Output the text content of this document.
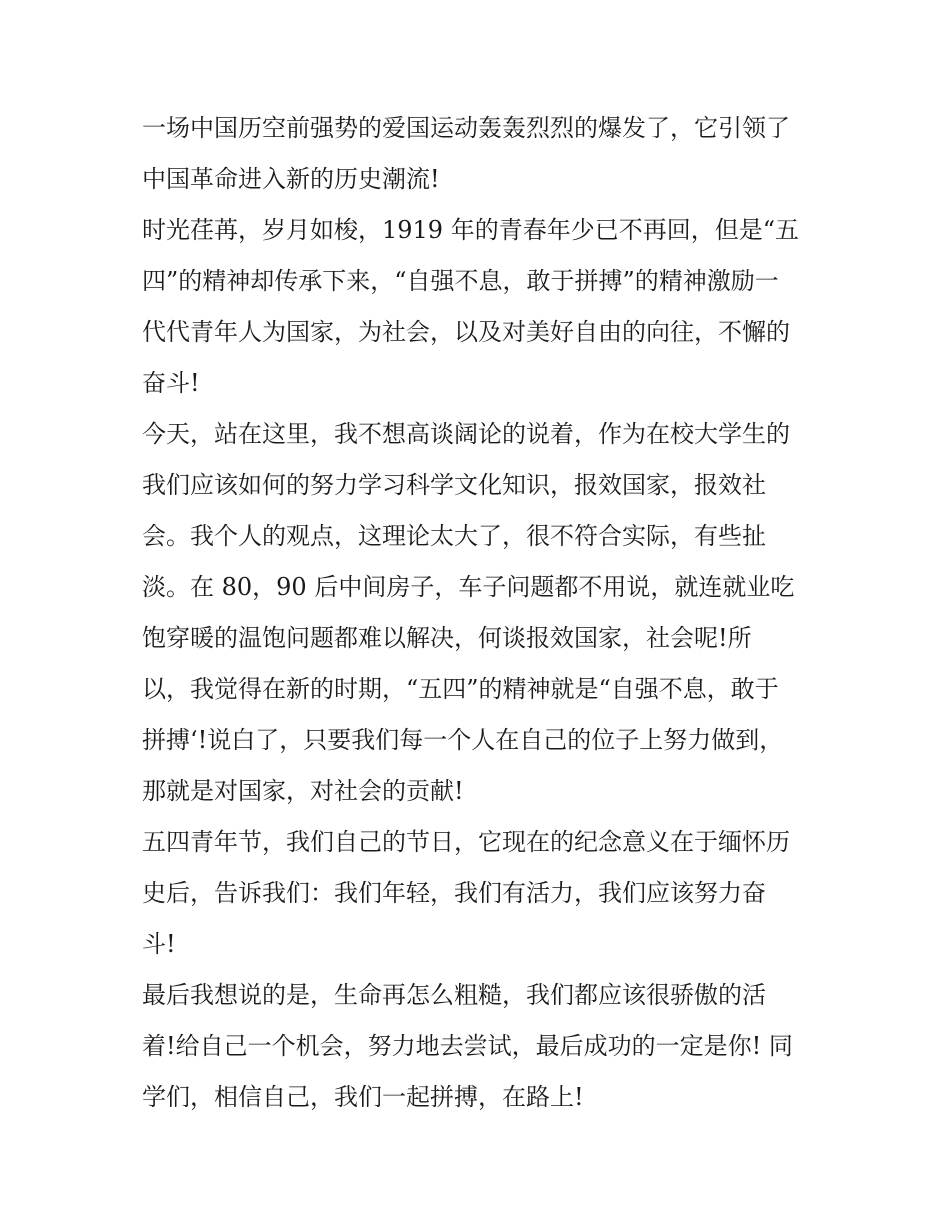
一场中国历空前强势的爱国运动轰轰烈烈的爆发了，它引领了
中国革命进入新的历史潮流!
时光荏苒，岁月如梭，1919 年的青春年少已不再回，但是“五
四”的精神却传承下来，“自强不息，敢于拼搏”的精神激励一
代代青年人为国家，为社会，以及对美好自由的向往，不懈的
奋斗!
今天，站在这里，我不想高谈阔论的说着，作为在校大学生的
我们应该如何的努力学习科学文化知识，报效国家，报效社
会。我个人的观点，这理论太大了，很不符合实际，有些扯
淡。在 80，90 后中间房子，车子问题都不用说，就连就业吃
饱穿暖的温饱问题都难以解决，何谈报效国家，社会呢!所
以，我觉得在新的时期，“五四”的精神就是“自强不息，敢于
拼搏‘!说白了，只要我们每一个人在自己的位子上努力做到，
那就是对国家，对社会的贡献!
五四青年节，我们自己的节日，它现在的纪念意义在于缅怀历
史后，告诉我们：我们年轻，我们有活力，我们应该努力奋
斗!
最后我想说的是，生命再怎么粗糙，我们都应该很骄傲的活
着!给自己一个机会，努力地去尝试，最后成功的一定是你! 同
学们，相信自己，我们一起拼搏，在路上!
